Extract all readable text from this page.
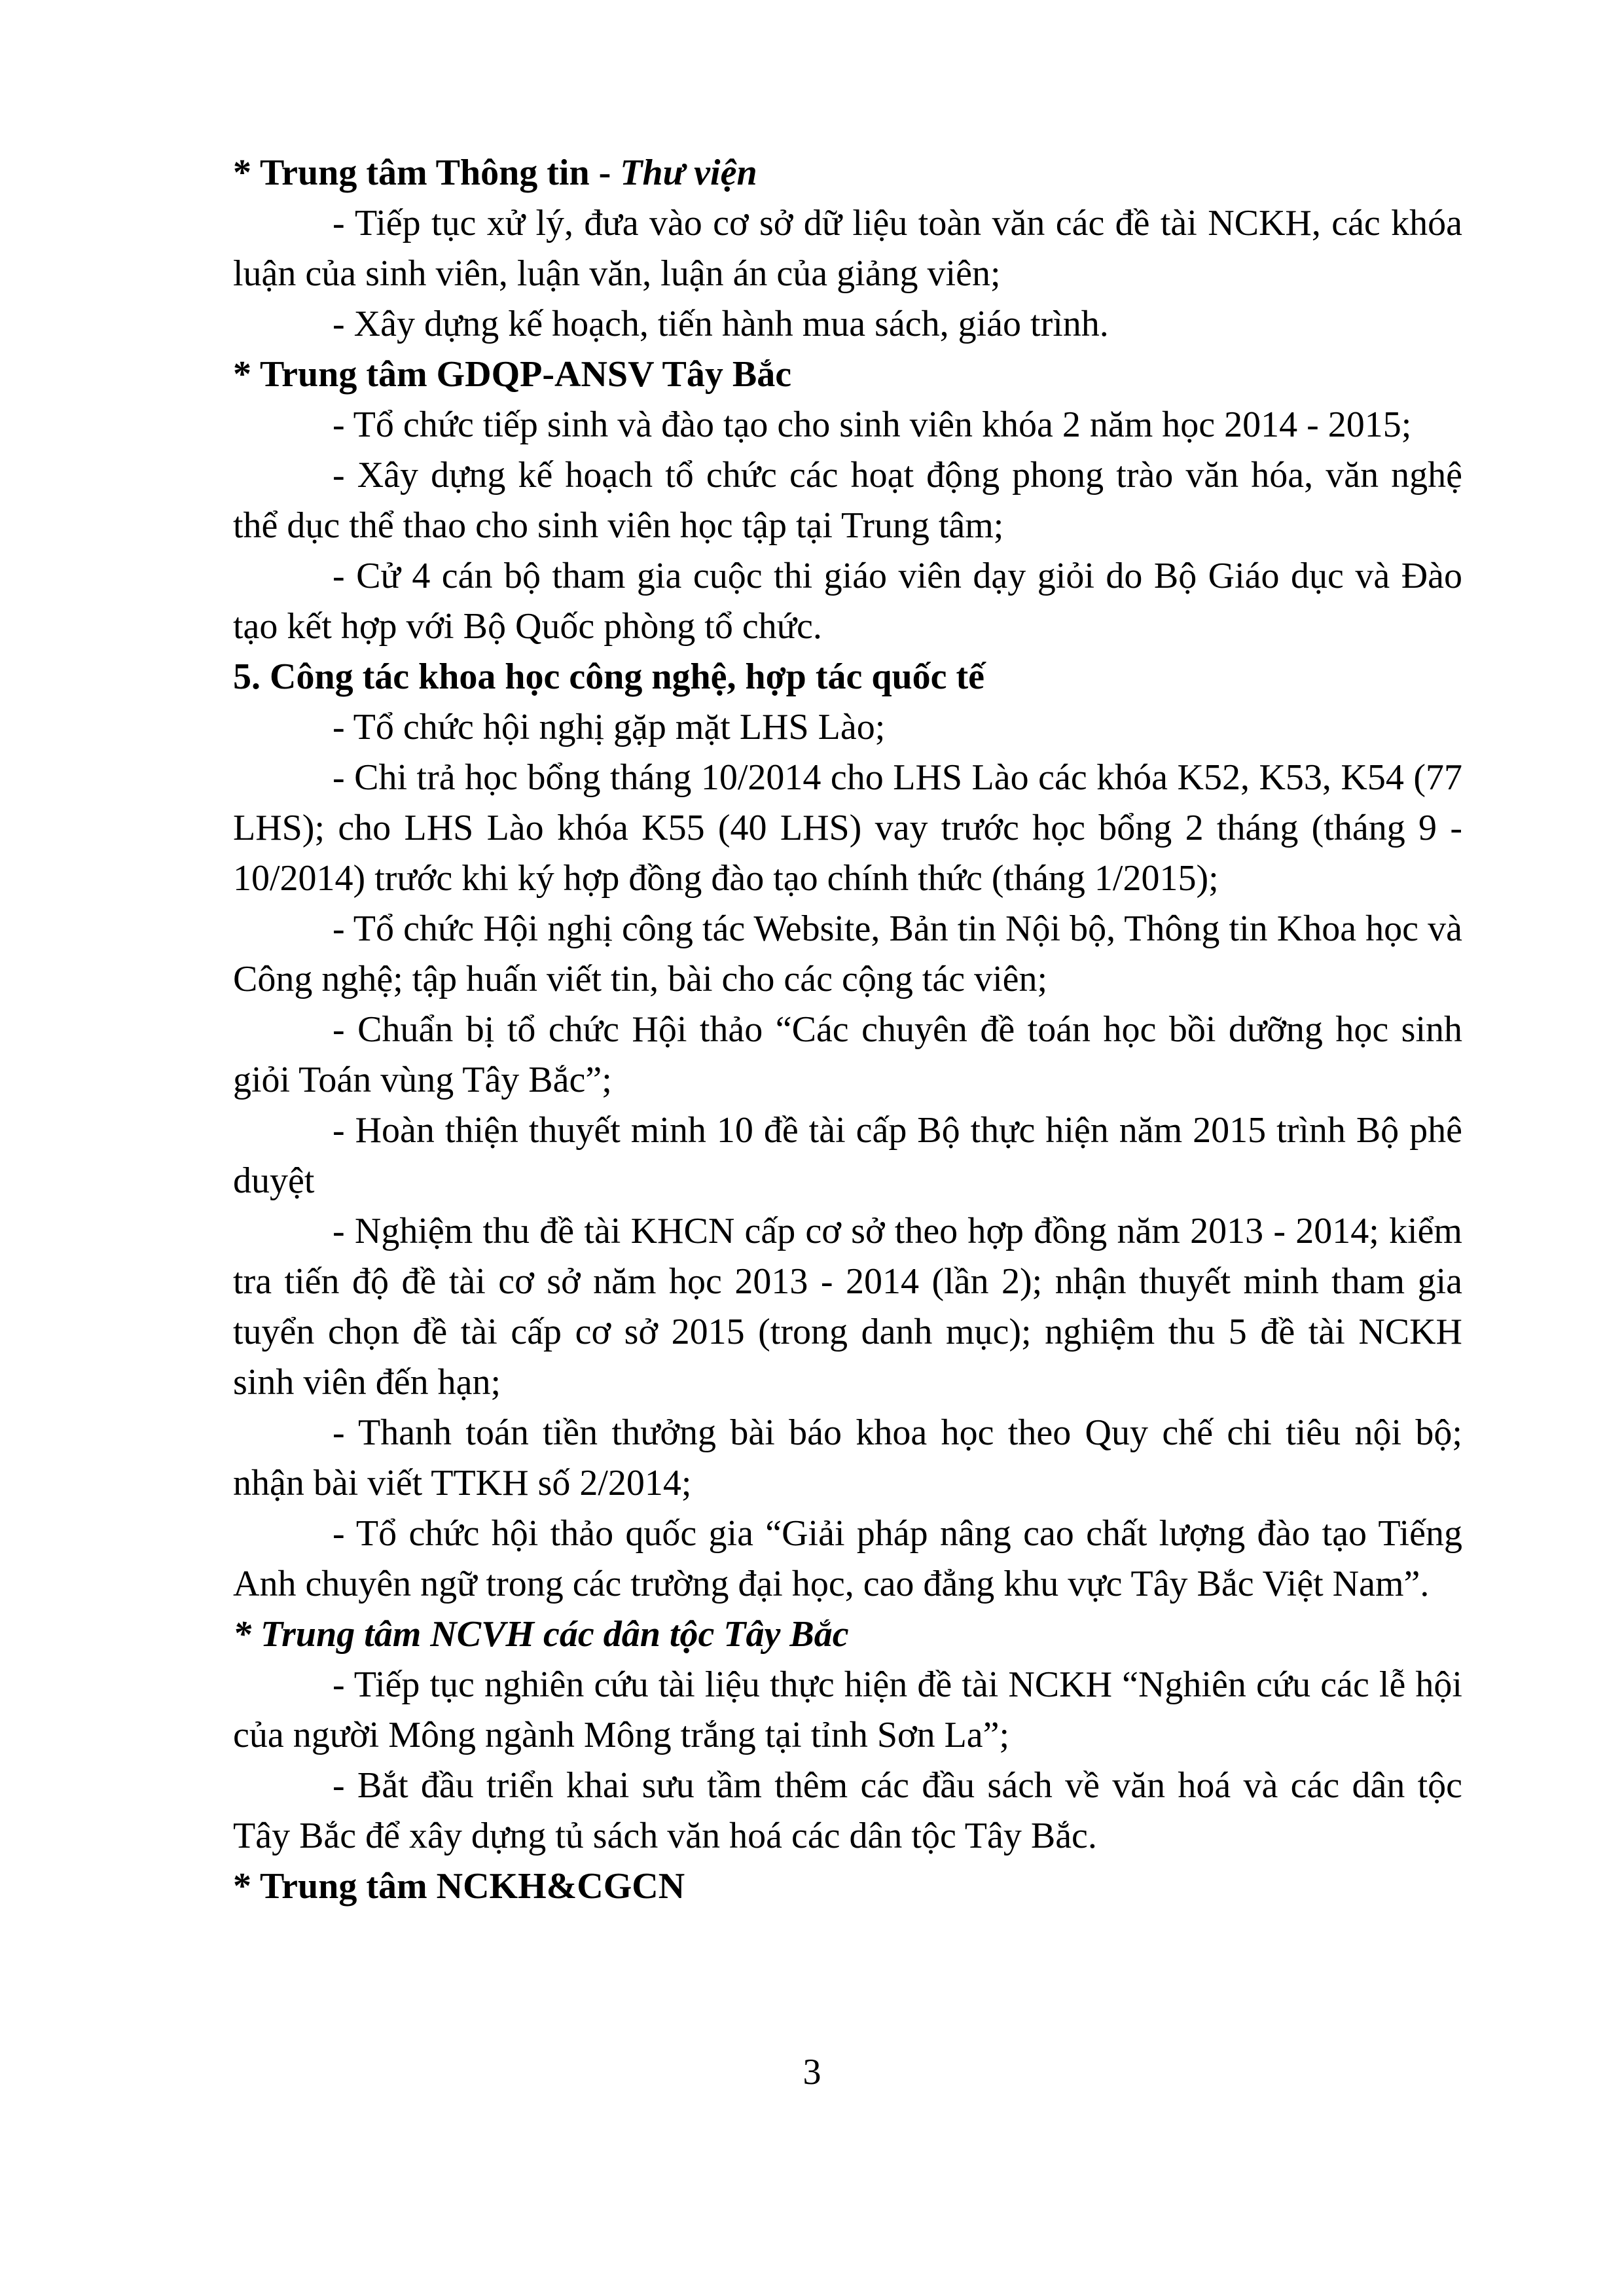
* Trung tâm Thông tin - Thư viện

- Tiếp tục xử lý, đưa vào cơ sở dữ liệu toàn văn các đề tài NCKH, các khóa luận của sinh viên, luận văn, luận án của giảng viên;

- Xây dựng kế hoạch, tiến hành mua sách, giáo trình.

* Trung tâm GDQP-ANSV Tây Bắc

- Tổ chức tiếp sinh và đào tạo cho sinh viên khóa 2 năm học 2014 - 2015;

- Xây dựng kế hoạch tổ chức các hoạt động phong trào văn hóa, văn nghệ thể dục thể thao cho sinh viên học tập tại Trung tâm;

- Cử 4 cán bộ tham gia cuộc thi giáo viên dạy giỏi do Bộ Giáo dục và Đào tạo kết hợp với Bộ Quốc phòng tổ chức.

5. Công tác khoa học công nghệ, hợp tác quốc tế

- Tổ chức hội nghị gặp mặt LHS Lào;

- Chi trả học bổng tháng 10/2014 cho LHS Lào các khóa K52, K53, K54 (77 LHS); cho LHS Lào khóa K55 (40 LHS) vay trước học bổng 2 tháng (tháng 9 - 10/2014) trước khi ký hợp đồng đào tạo chính thức (tháng 1/2015);

- Tổ chức Hội nghị công tác Website, Bản tin Nội bộ, Thông tin Khoa học và Công nghệ; tập huấn viết tin, bài cho các cộng tác viên;

- Chuẩn bị tổ chức Hội thảo “Các chuyên đề toán học bồi dưỡng học sinh giỏi Toán vùng Tây Bắc”;

- Hoàn thiện thuyết minh 10 đề tài cấp Bộ thực hiện năm 2015 trình Bộ phê duyệt

- Nghiệm thu đề tài KHCN cấp cơ sở theo hợp đồng năm 2013 - 2014; kiểm tra tiến độ đề tài cơ sở năm học 2013 - 2014 (lần 2); nhận thuyết minh tham gia tuyển chọn đề tài cấp cơ sở 2015 (trong danh mục); nghiệm thu 5 đề tài NCKH sinh viên đến hạn;

- Thanh toán tiền thưởng bài báo khoa học theo Quy chế chi tiêu nội bộ; nhận bài viết TTKH số 2/2014;

- Tổ chức hội thảo quốc gia “Giải pháp nâng cao chất lượng đào tạo Tiếng Anh chuyên ngữ trong các trường đại học, cao đẳng khu vực Tây Bắc Việt Nam”.

* Trung tâm NCVH các dân tộc Tây Bắc

- Tiếp tục nghiên cứu tài liệu thực hiện đề tài NCKH “Nghiên cứu các lễ hội của người Mông ngành Mông trắng tại tỉnh Sơn La”;

- Bắt đầu triển khai sưu tầm thêm các đầu sách về văn hoá và các dân tộc Tây Bắc để xây dựng tủ sách văn hoá các dân tộc Tây Bắc.

* Trung tâm NCKH&CGCN

3
